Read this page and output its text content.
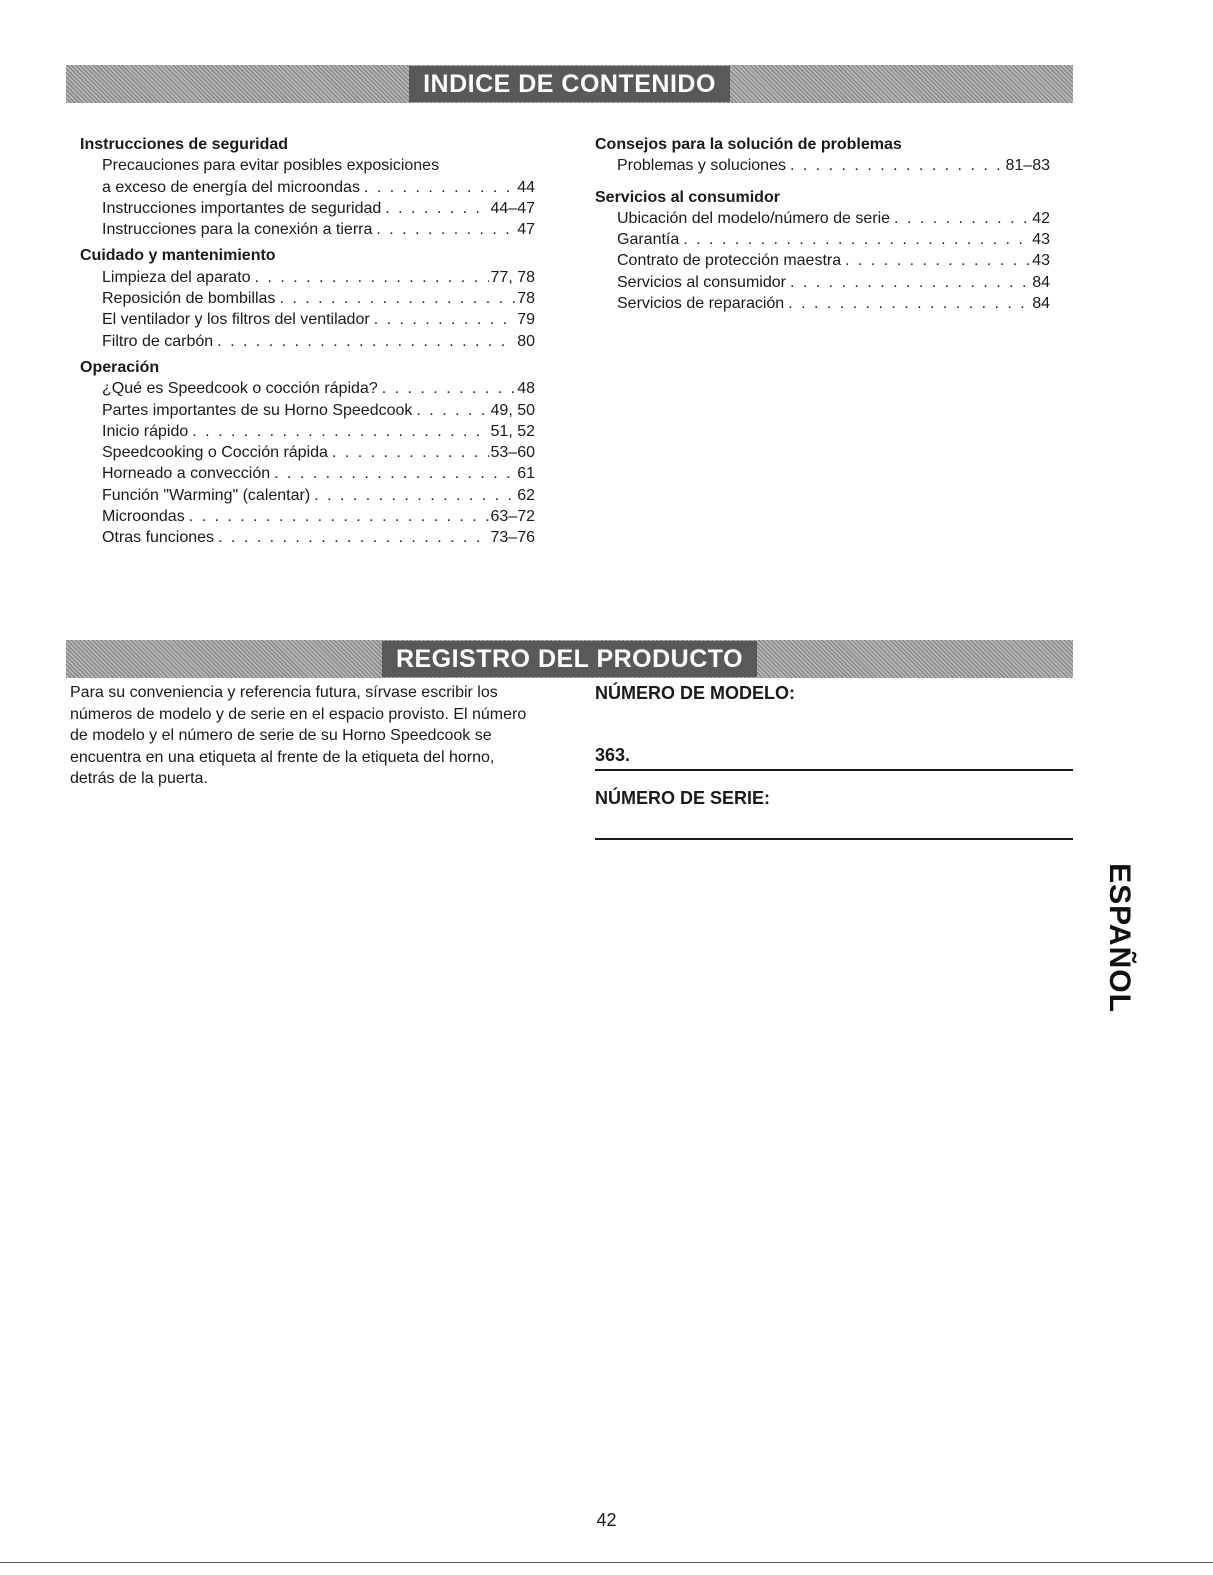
INDICE DE CONTENIDO

Instrucciones de seguridad

Precauciones para evitar posibles exposiciones
a exceso de energía del microondas . . .	44
Instrucciones importantes de seguridad . . .	44–47
Instrucciones para la conexión a tierra . . .	47

Cuidado y mantenimiento

Limpieza del aparato . . .	77, 78
Reposición de bombillas . . .	78
El ventilador y los filtros del ventilador . . .	79
Filtro de carbón . . .	80

Operación

¿Qué es Speedcook o cocción rápida? . . .	48
Partes importantes de su Horno Speedcook . . .	49, 50
Inicio rápido . . .	51, 52
Speedcooking o Cocción rápida . . .	53–60
Horneado a convección . . .	61
Función "Warming" (calentar) . . .	62
Microondas . . .	63–72
Otras funciones . . .	73–76

Consejos para la solución de problemas

Problemas y soluciones . . .	81–83

Servicios al consumidor

Ubicación del modelo/número de serie . . .	42
Garantía . . .	43
Contrato de protección maestra . . .	43
Servicios al consumidor . . .	84
Servicios de reparación . . .	84
REGISTRO DEL PRODUCTO

Para su conveniencia y referencia futura, sírvase escribir los números de modelo y de serie en el espacio provisto. El número de modelo y el número de serie de su Horno Speedcook se encuentra en una etiqueta al frente de la etiqueta del horno, detrás de la puerta.

NÚMERO DE MODELO:

363.

NÚMERO DE SERIE:

ESPAÑOL
42
